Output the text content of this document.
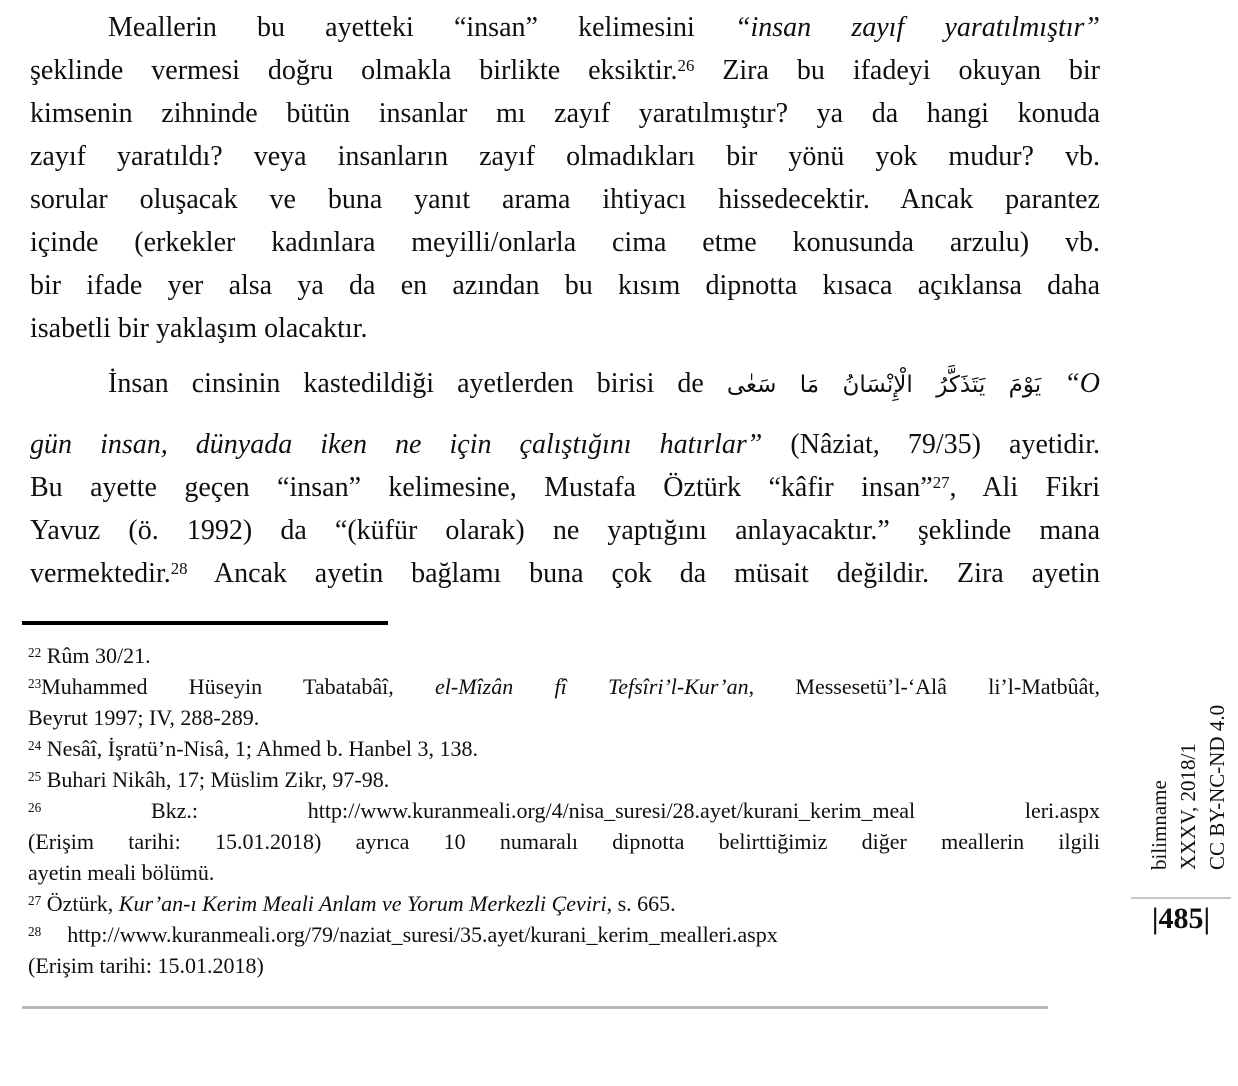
Meallerin bu ayetteki “insan” kelimesini “insan zayıf yaratılmıştır”
şeklinde vermesi doğru olmakla birlikte eksiktir.$^{26}$ Zira bu ifadeyi okuyan bir
kimsenin zihninde bütün insanlar mı zayıf yaratılmıştır? ya da hangi konuda
zayıf yaratıldı? veya insanların zayıf olmadıkları bir yönü yok mudur? vb.
sorular oluşacak ve buna yanıt arama ihtiyacı hissedecektir. Ancak parantez
içinde (erkekler kadınlara meyilli/onlarla cima etme konusunda arzulu) vb.
bir ifade yer alsa ya da en azından bu kısım dipnotta kısaca açıklansa daha
isabetli bir yaklaşım olacaktır.
İnsan cinsinin kastedildiği ayetlerden birisi de يَوْمَ يَتَذَكَّرُ الْإِنْسَانُ مَا سَعٰى “O
gün insan, dünyada iken ne için çalıştığını hatırlar” (Nâziat, 79/35) ayetidir.
Bu ayette geçen “insan” kelimesine, Mustafa Öztürk “kâfir insan”$^{27}$, Ali Fikri
Yavuz (ö. 1992) da “(küfür olarak) ne yaptığını anlayacaktır.” şeklinde mana
vermektedir.$^{28}$ Ancak ayetin bağlamı buna çok da müsait değildir. Zira ayetin
$^{22}$ Rûm 30/21.
$^{23}$Muhammed Hüseyin Tabatabâî, el-Mîzân fî Tefsîri’l-Kur’an, Messesetü’l-‘Alâ li’l-Matbûât,
Beyrut 1997; IV, 288-289.
$^{24}$ Nesâî, İşratü’n-Nisâ, 1; Ahmed b. Hanbel 3, 138.
$^{25}$ Buhari Nikâh, 17; Müslim Zikr, 97-98.
$^{26}$ Bkz.: http://www.kuranmeali.org/4/nisa_suresi/28.ayet/kurani_kerim_meal leri.aspx
(Erişim tarihi: 15.01.2018) ayrıca 10 numaralı dipnotta belirttiğimiz diğer meallerin ilgili
ayetin meali bölümü.
$^{27}$ Öztürk, Kur’an-ı Kerim Meali Anlam ve Yorum Merkezli Çeviri, s. 665.
$^{28}$ http://www.kuranmeali.org/79/naziat_suresi/35.ayet/kurani_kerim_mealleri.aspx
(Erişim tarihi: 15.01.2018)
bilimname XXXV, 2018/1 CC BY-NC-ND 4.0
|485|
